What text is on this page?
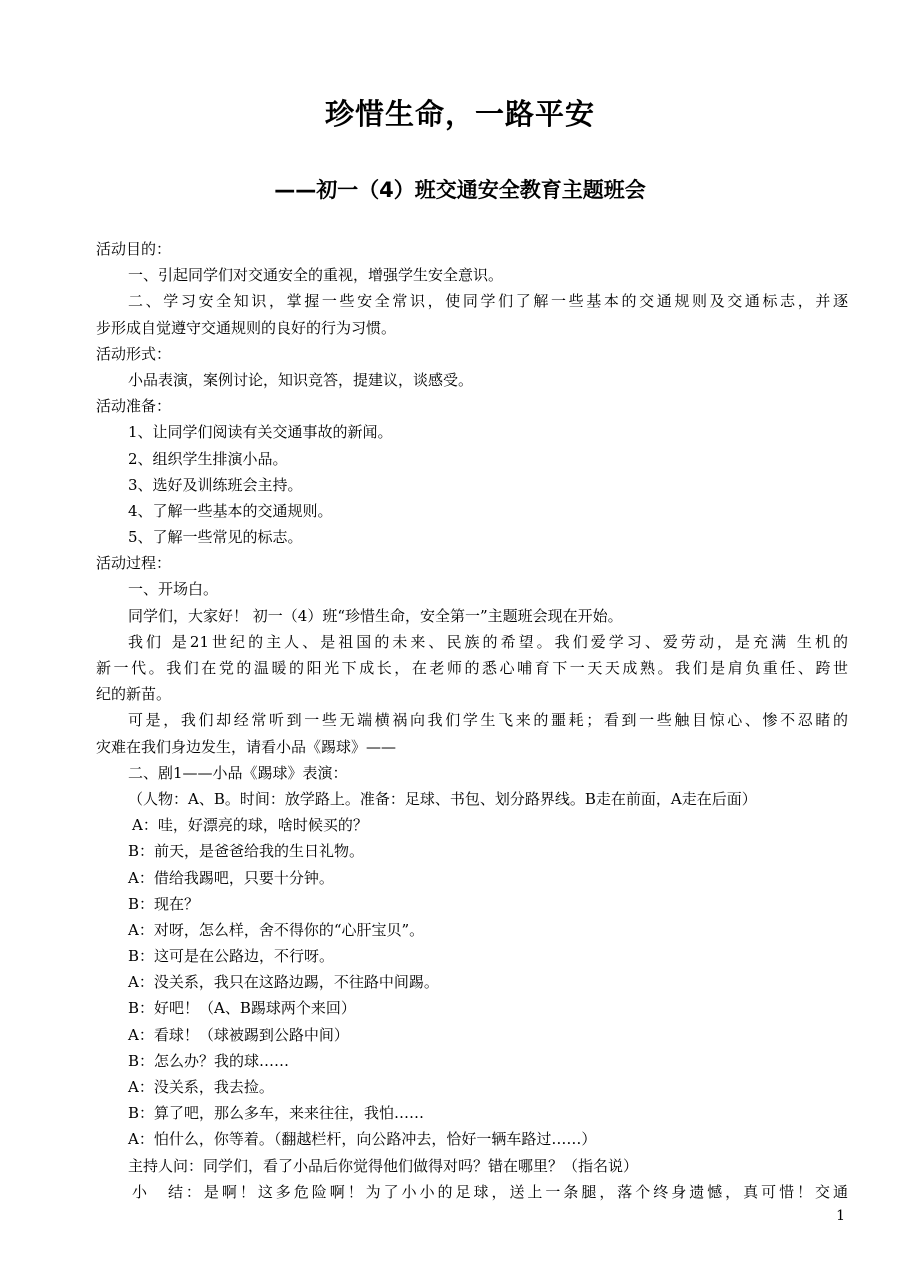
珍惜生命，一路平安
——初一（4）班交通安全教育主题班会
活动目的：
一、引起同学们对交通安全的重视，增强学生安全意识。
二、学习安全知识，掌握一些安全常识，使同学们了解一些基本的交通规则及交通标志，并逐
步形成自觉遵守交通规则的良好的行为习惯。
活动形式：
小品表演，案例讨论，知识竞答，提建议，谈感受。
活动准备：
1、让同学们阅读有关交通事故的新闻。
2、组织学生排演小品。
3、选好及训练班会主持。
4、了解一些基本的交通规则。
5、了解一些常见的标志。
活动过程：
一、开场白。
同学们，大家好！ 初一（4）班“珍惜生命，安全第一”主题班会现在开始。
我们 是21世纪的主人、是祖国的未来、民族的希望。我们爱学习、爱劳动，是充满 生机的
新一代。我们在党的温暖的阳光下成长，在老师的悉心哺育下一天天成熟。我们是肩负重任、跨世
纪的新苗。
可是，我们却经常听到一些无端横祸向我们学生飞来的噩耗；看到一些触目惊心、惨不忍睹的
灾难在我们身边发生，请看小品《踢球》——
二、剧1——小品《踢球》表演：
（人物：A、B。时间：放学路上。准备：足球、书包、划分路界线。B走在前面，A走在后面）
A：哇，好漂亮的球，啥时候买的？
B：前天，是爸爸给我的生日礼物。
A：借给我踢吧，只要十分钟。
B：现在？
A：对呀，怎么样，舍不得你的“心肝宝贝”。
B：这可是在公路边，不行呀。
A：没关系，我只在这路边踢，不往路中间踢。
B：好吧！（A、B踢球两个来回）
A：看球！（球被踢到公路中间）
B：怎么办？我的球……
A：没关系，我去捡。
B：算了吧，那么多车，来来往往，我怕……
A：怕什么，你等着。（翻越栏杆，向公路冲去，恰好一辆车路过……）
主持人问：同学们，看了小品后你觉得他们做得对吗？错在哪里？（指名说）
小　结：是啊！这多危险啊！为了小小的足球，送上一条腿，落个终身遗憾，真可惜！交通
1
